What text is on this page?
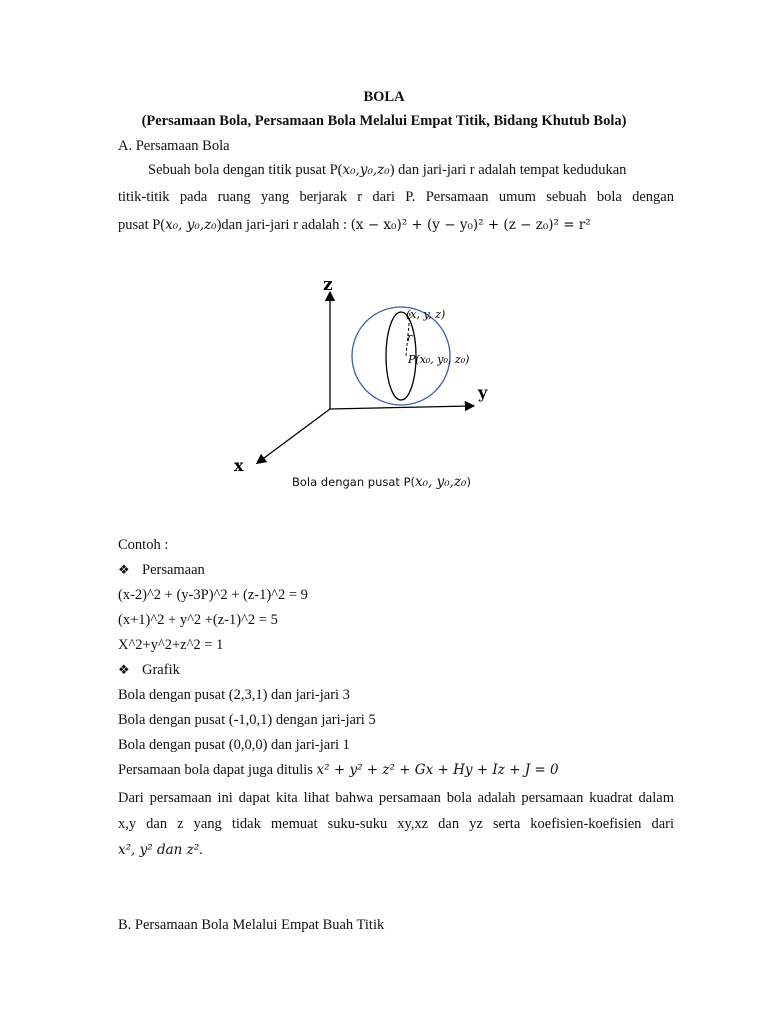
BOLA
(Persamaan Bola, Persamaan Bola Melalui Empat Titik, Bidang Khutub Bola)
A. Persamaan Bola
Sebuah bola dengan titik pusat P(x₀,y₀,z₀) dan jari-jari r adalah tempat kedudukan
titik-titik pada ruang yang berjarak r dari P. Persamaan umum sebuah bola dengan
pusat P(x₀, y₀,z₀)dan jari-jari r adalah : (x − x₀)² + (y − y₀)² + (z − z₀)² = r²
z
y
x
(x, y, z)
r
P(x₀, y₀, z₀)
Bola dengan pusat P(x₀, y₀,z₀)
Contoh :
❖ Persamaan
(x-2)^2 + (y-3P)^2 + (z-1)^2 = 9
(x+1)^2 + y^2 +(z-1)^2 = 5
X^2+y^2+z^2 = 1
❖ Grafik
Bola dengan pusat (2,3,1) dan jari-jari 3
Bola dengan pusat (-1,0,1) dengan jari-jari 5
Bola dengan pusat (0,0,0) dan jari-jari 1
Persamaan bola dapat juga ditulis x² + y² + z² + Gx + Hy + Iz + J = 0
Dari persamaan ini dapat kita lihat bahwa persamaan bola adalah persamaan kuadrat dalam
x,y dan z yang tidak memuat suku-suku xy,xz dan yz serta koefisien-koefisien dari
x², y² dan z².
B. Persamaan Bola Melalui Empat Buah Titik
